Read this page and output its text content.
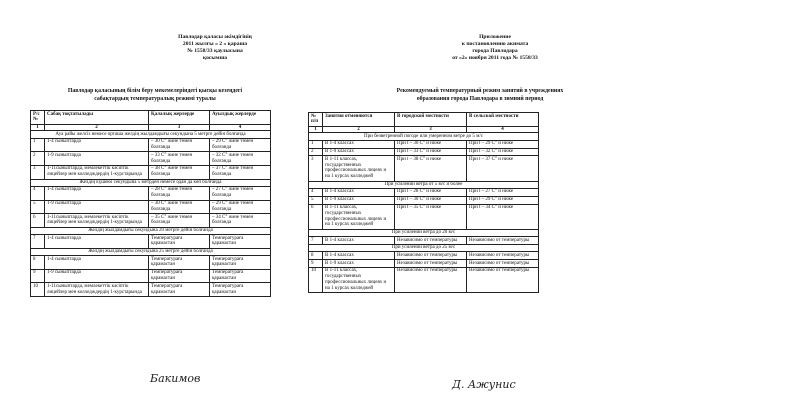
Павлодар қаласы әкімдігінің
2011 жылғы « 2 » қараша
№ 1558/33 қаулысына
қосымша
Павлодар қаласының білім беру мекемелеріндегі қысқы кезеңдегі
сабақтардың температуралық режимі туралы
Р/с №	Сабақ тоқтатылады	Қалалық жерлерде	Ауылдық жерлерде
1	2	3	4
Ауа райы желсіз немесе орташа желдің жылдамдығы секундына 5 метрге дейін болғанда			
1	1-4 сыныптарда	– 30 С° және төмен болғанда	– 29 С° және төмен болғанда
2	1-9 сыныптарда	– 33 С° және төмен болғанда	– 32 С° және төмен болғанда
3	1-11сыныптарда, мемлекеттік кәсіптік лицейлер мен колледждердің 1-курстарында	– 38 С° және төмен болғанда	– 37 С° және төмен болғанда
Желдің күшеюі секундына 5 метрден немесе одан да көп болғанда			
4	1-4 сыныптарда	– 28 С° және төмен болғанда	– 27 С° және төмен болғанда
5	1-9 сыныптарда	– 30 С° және төмен болғанда	– 29 С° және төмен болғанда
6	1-11сыныптарда, мемлекеттік кәсіптік лицейлер мен колледждердің 1-курстарында	– 35 С° және төмен болғанда	– 34 С° және төмен болғанда
Желдің жылдамдығы секундына 20 метрге дейін болғанда			
7	1-4 сыныптарда	Температураға қарамастан	Температураға қарамастан
Желдің жылдамдығы секундына 25 метрге дейін болғанда			
8	1-4 сыныптарда	Температураға қарамастан	Температураға қарамастан
9	1-9 сыныптарда	Температураға қарамастан	Температураға қарамастан
10	1-11сыныптарда, мемлекеттік кәсіптік лицейлер мен колледждердің 1-курстарында	Температураға қарамастан	Температураға қарамастан
Бакимов
Приложение
к постановлению акимата
города Павлодара
от «2» ноября 2011 года № 1558/33
Рекомендуемый температурный режим занятий в учреждениях
образования города Павлодара в зимний период
№ п/п	Занятия отменяются	В городской местности	В сельской местности
1	2	3	4
При безветренной погоде или умеренном ветре до 5 м/с			
1	В 1-4 классах	При t – 30 С° и ниже	При t – 29 С° и ниже
2	В 1-9 классах	При t – 33 С° и ниже	При t – 32 С° и ниже
3	В 1-11 классах, государственных профессиональных лицеях и на 1 курсах колледжей	При t – 38 С° и ниже	При t – 37 С° и ниже
При усилении ветра от 5 м/с и более			
4	В 1-4 классах	При t – 28 С° и ниже	При t – 27 С° и ниже
5	В 1-9 классах	При t – 30 С° и ниже	При t – 29 С° и ниже
6	В 1-11 классах, государственных профессиональных лицеях и на 1 курсах колледжей	При t – 35 С° и ниже	При t – 34 С° и ниже
При усилении ветра до 20 м/с			
7	В 1-4 классах	Независимо от температуры	Независимо от температуры
При усилении ветра до 25 м/с			
8	В 1-4 классах	Независимо от температуры	Независимо от температуры
9	В 1-9 классах	Независимо от температуры	Независимо от температуры
10	В 1-11 классах, государственных профессиональных лицеях и на 1 курсах колледжей	Независимо от температуры	Независимо от температуры
Д. Ажунис
